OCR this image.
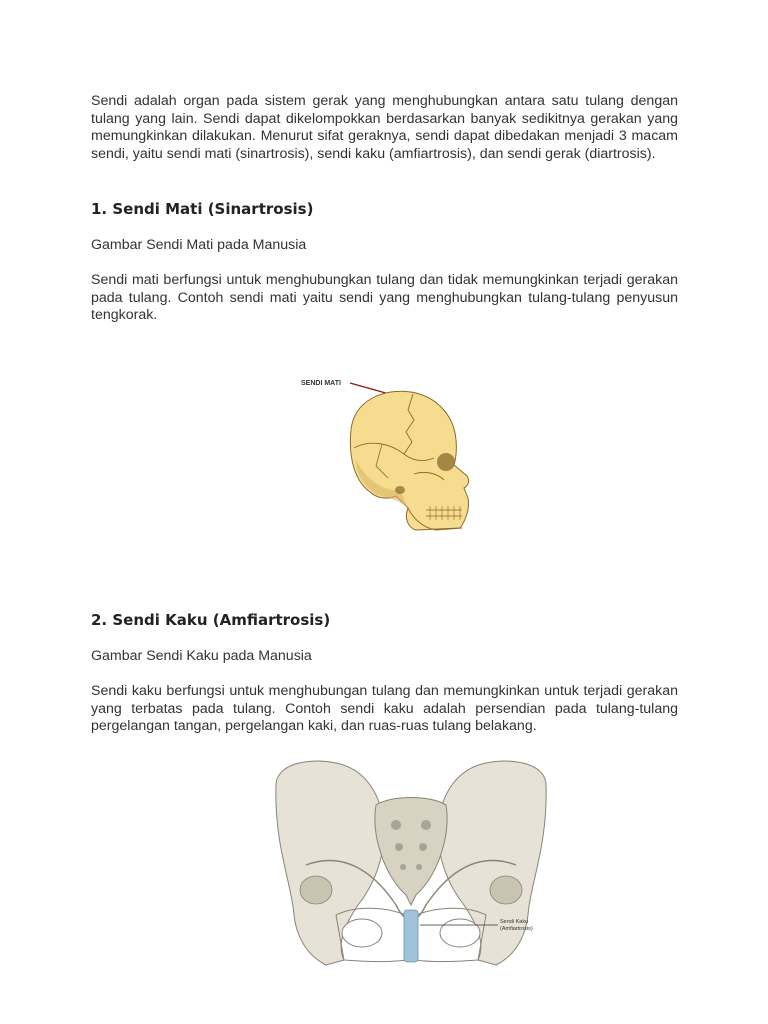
Sendi adalah organ pada sistem gerak yang menghubungkan antara satu tulang dengan tulang yang lain. Sendi dapat dikelompokkan berdasarkan banyak sedikitnya gerakan yang memungkinkan dilakukan. Menurut sifat geraknya, sendi dapat dibedakan menjadi 3 macam sendi, yaitu sendi mati (sinartrosis), sendi kaku (amfiartrosis), dan sendi gerak (diartrosis).

1. Sendi Mati (Sinartrosis)

Gambar Sendi Mati pada Manusia

Sendi mati berfungsi untuk menghubungkan tulang dan tidak memungkinkan terjadi gerakan pada tulang. Contoh sendi mati yaitu sendi yang menghubungkan tulang-tulang penyusun tengkorak.

SENDI MATI

2. Sendi Kaku (Amfiartrosis)

Gambar Sendi Kaku pada Manusia

Sendi kaku berfungsi untuk menghubungan tulang dan memungkinkan untuk terjadi gerakan yang terbatas pada tulang. Contoh sendi kaku adalah persendian pada tulang-tulang pergelangan tangan, pergelangan kaki, dan ruas-ruas tulang belakang.

Sendi Kaku
(Amfiartrosis)
